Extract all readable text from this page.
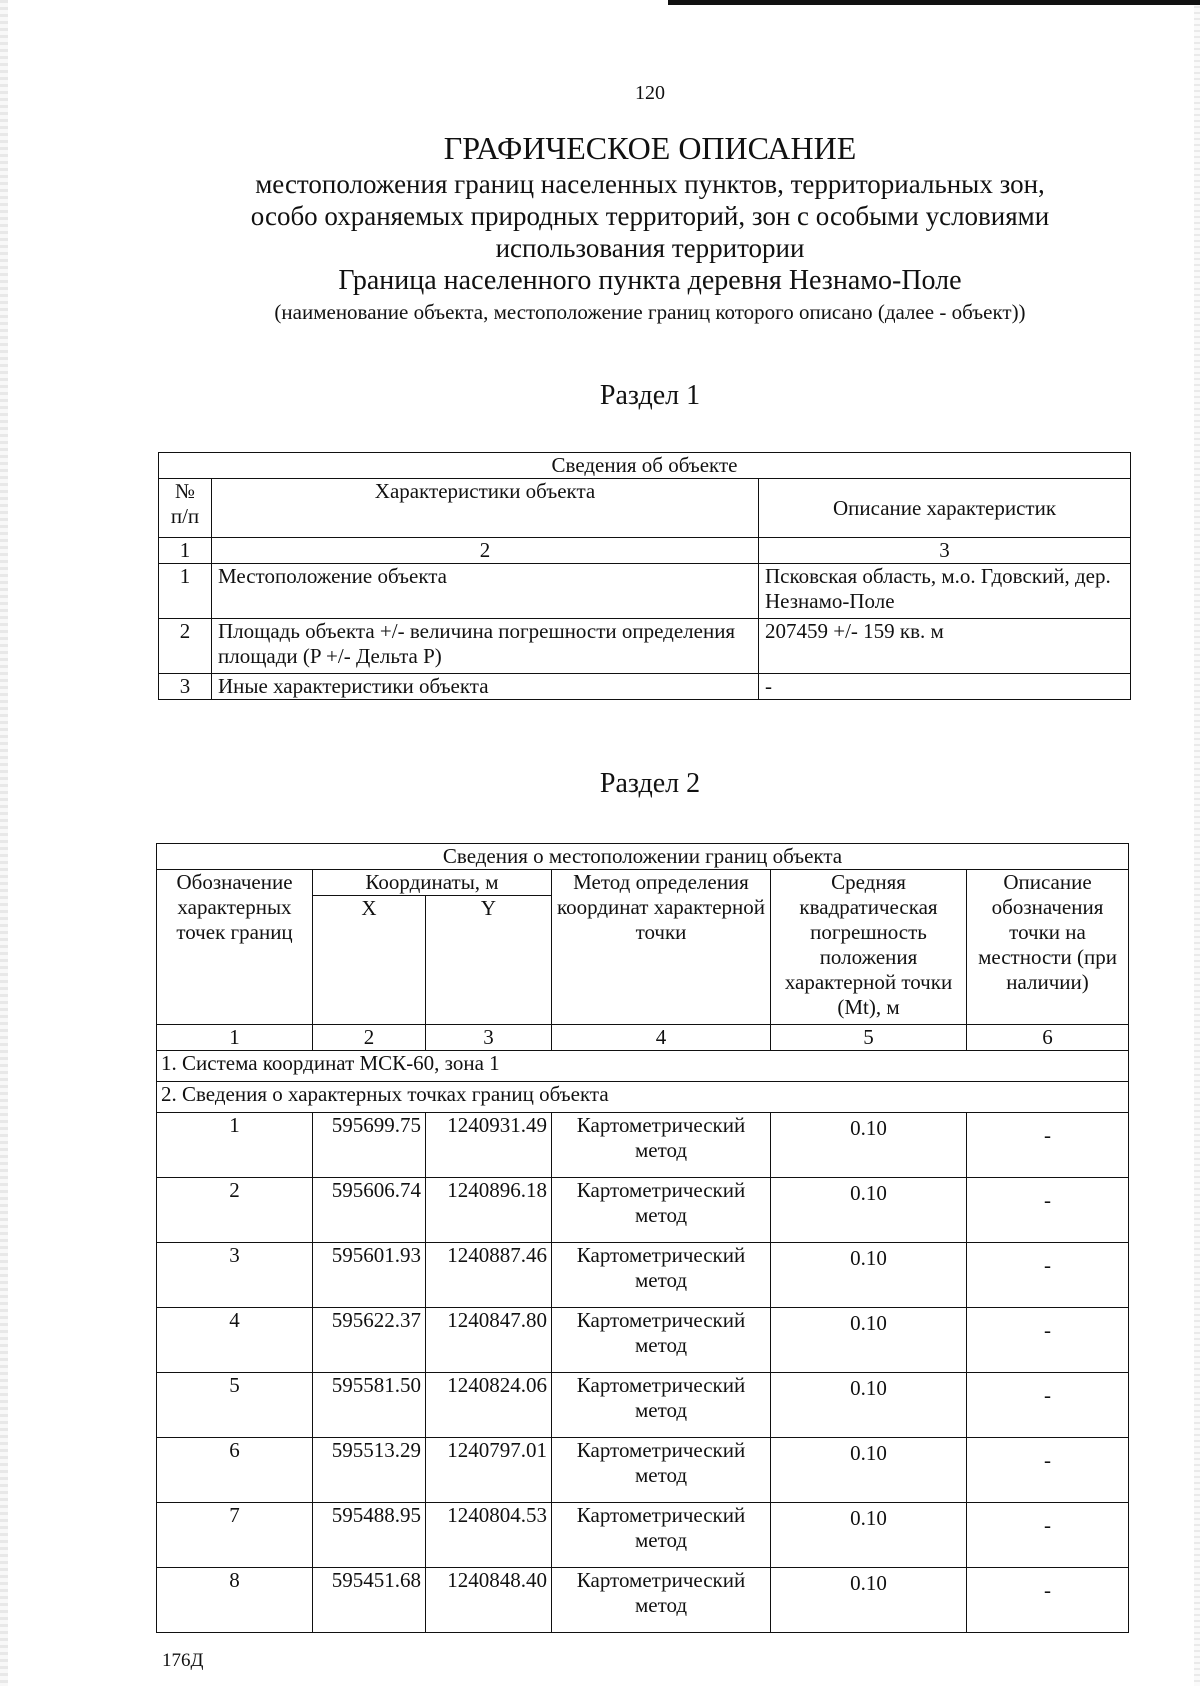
120
ГРАФИЧЕСКОЕ ОПИСАНИЕ
местоположения границ населенных пунктов, территориальных зон,
особо охраняемых природных территорий, зон с особыми условиями
использования территории
Граница населенного пункта деревня Незнамо-Поле
(наименование объекта, местоположение границ которого описано (далее - объект))
Раздел 1
Сведения об объекте		
№ п/п	Характеристики объекта	Описание характеристик
1	2	3
1	Местоположение объекта	Псковская область, м.о. Гдовский, дер. Незнамо-Поле
2	Площадь объекта +/- величина погрешности определения площади (P +/- Дельта P)	207459 +/- 159 кв. м
3	Иные характеристики объекта	-
Раздел 2
Сведения о местоположении границ объекта					
Обозначение характерных точек границ	Координаты, м		Метод определения координат характерной точки	Средняя квадратическая погрешность положения характерной точки (Mt), м	Описание обозначения точки на местности (при наличии)
	X	Y			
1	2	3	4	5	6
1. Система координат МСК-60, зона 1					
2. Сведения о характерных точках границ объекта					
1	595699.75	1240931.49	Картометрический метод	0.10	-
2	595606.74	1240896.18	Картометрический метод	0.10	-
3	595601.93	1240887.46	Картометрический метод	0.10	-
4	595622.37	1240847.80	Картометрический метод	0.10	-
5	595581.50	1240824.06	Картометрический метод	0.10	-
6	595513.29	1240797.01	Картометрический метод	0.10	-
7	595488.95	1240804.53	Картометрический метод	0.10	-
8	595451.68	1240848.40	Картометрический метод	0.10	-
176Д
